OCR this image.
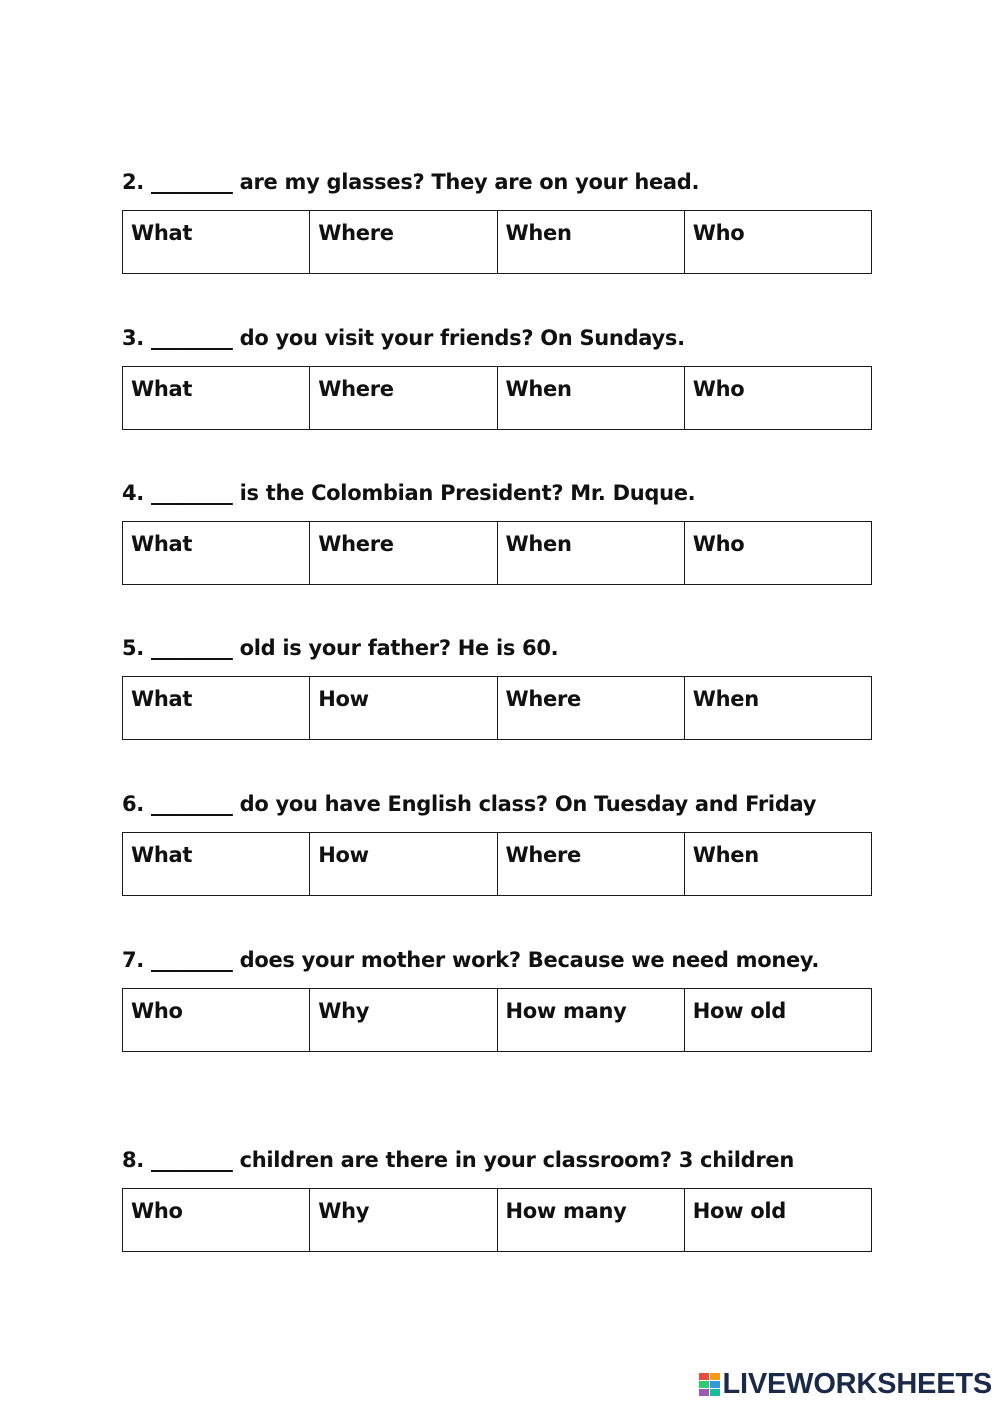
2. ________ are my glasses? They are on your head.
What	Where	When	Who
3. ________ do you visit your friends? On Sundays.
What	Where	When	Who
4. ________ is the Colombian President? Mr. Duque.
What	Where	When	Who
5. ________ old is your father? He is 60.
What	How	Where	When
6. ________ do you have English class? On Tuesday and Friday
What	How	Where	When
7. ________ does your mother work? Because we need money.
Who	Why	How many	How old
8. ________ children are there in your classroom? 3 children
Who	Why	How many	How old
LIVEWORKSHEETS
